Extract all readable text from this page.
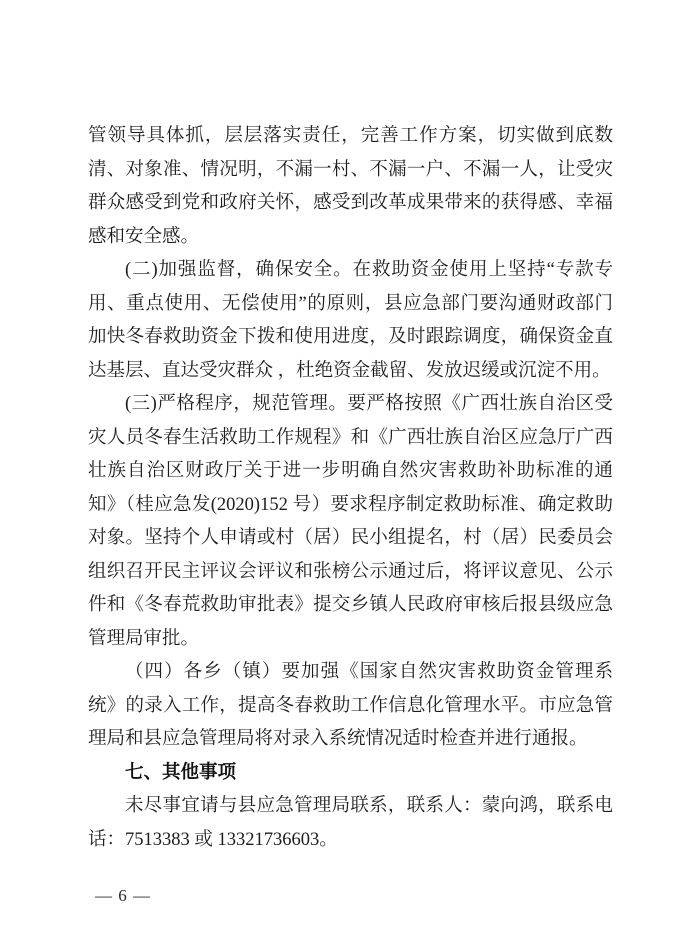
管领导具体抓，层层落实责任，完善工作方案，切实做到底数清、对象准、情况明，不漏一村、不漏一户、不漏一人，让受灾群众感受到党和政府关怀，感受到改革成果带来的获得感、幸福感和安全感。

(二)加强监督，确保安全。在救助资金使用上坚持“专款专用、重点使用、无偿使用”的原则，县应急部门要沟通财政部门加快冬春救助资金下拨和使用进度，及时跟踪调度，确保资金直达基层、直达受灾群众 ，杜绝资金截留、发放迟缓或沉淀不用。

(三)严格程序，规范管理。要严格按照《广西壮族自治区受灾人员冬春生活救助工作规程》和《广西壮族自治区应急厅广西壮族自治区财政厅关于进一步明确自然灾害救助补助标准的通知》（桂应急发(2020)152 号）要求程序制定救助标准、确定救助对象。坚持个人申请或村（居）民小组提名，村（居）民委员会组织召开民主评议会评议和张榜公示通过后，将评议意见、公示件和《冬春荒救助审批表》提交乡镇人民政府审核后报县级应急管理局审批。

（四）各乡（镇）要加强《国家自然灾害救助资金管理系统》的录入工作，提高冬春救助工作信息化管理水平。市应急管理局和县应急管理局将对录入系统情况适时检查并进行通报。

七、其他事项

未尽事宜请与县应急管理局联系，联系人：蒙向鸿，联系电话：7513383 或 13321736603。

— 6 —
